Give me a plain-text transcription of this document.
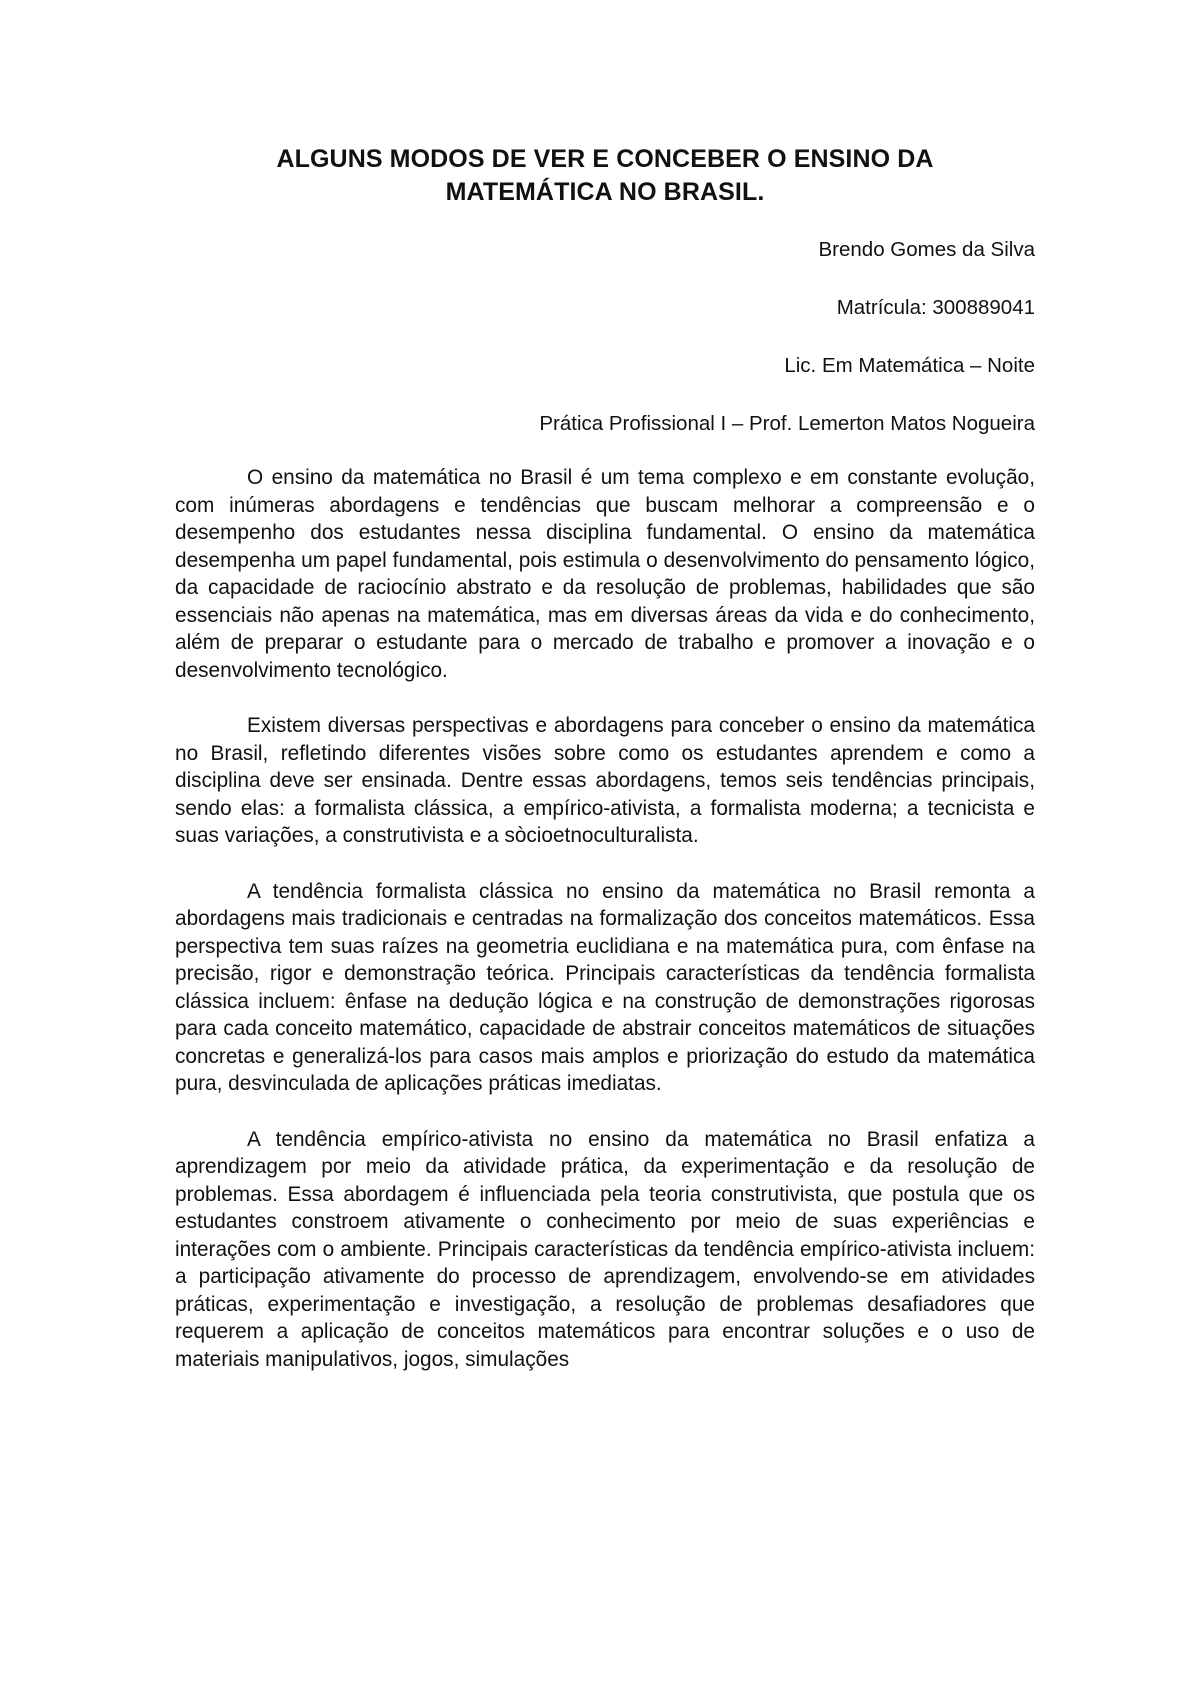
ALGUNS MODOS DE VER E CONCEBER O ENSINO DA
MATEMÁTICA NO BRASIL.
Brendo Gomes da Silva
Matrícula: 300889041
Lic. Em Matemática – Noite
Prática Profissional I – Prof. Lemerton Matos Nogueira

O ensino da matemática no Brasil é um tema complexo e em constante evolução, com inúmeras abordagens e tendências que buscam melhorar a compreensão e o desempenho dos estudantes nessa disciplina fundamental. O ensino da matemática desempenha um papel fundamental, pois estimula o desenvolvimento do pensamento lógico, da capacidade de raciocínio abstrato e da resolução de problemas, habilidades que são essenciais não apenas na matemática, mas em diversas áreas da vida e do conhecimento, além de preparar o estudante para o mercado de trabalho e promover a inovação e o desenvolvimento tecnológico.

Existem diversas perspectivas e abordagens para conceber o ensino da matemática no Brasil, refletindo diferentes visões sobre como os estudantes aprendem e como a disciplina deve ser ensinada. Dentre essas abordagens, temos seis tendências principais, sendo elas: a formalista clássica, a empírico-ativista, a formalista moderna; a tecnicista e suas variações, a construtivista e a sòcioetnoculturalista.

A tendência formalista clássica no ensino da matemática no Brasil remonta a abordagens mais tradicionais e centradas na formalização dos conceitos matemáticos. Essa perspectiva tem suas raízes na geometria euclidiana e na matemática pura, com ênfase na precisão, rigor e demonstração teórica. Principais características da tendência formalista clássica incluem: ênfase na dedução lógica e na construção de demonstrações rigorosas para cada conceito matemático, capacidade de abstrair conceitos matemáticos de situações concretas e generalizá-los para casos mais amplos e priorização do estudo da matemática pura, desvinculada de aplicações práticas imediatas.

A tendência empírico-ativista no ensino da matemática no Brasil enfatiza a aprendizagem por meio da atividade prática, da experimentação e da resolução de problemas. Essa abordagem é influenciada pela teoria construtivista, que postula que os estudantes constroem ativamente o conhecimento por meio de suas experiências e interações com o ambiente. Principais características da tendência empírico-ativista incluem: a participação ativamente do processo de aprendizagem, envolvendo-se em atividades práticas, experimentação e investigação, a resolução de problemas desafiadores que requerem a aplicação de conceitos matemáticos para encontrar soluções e o uso de materiais manipulativos, jogos, simulações
